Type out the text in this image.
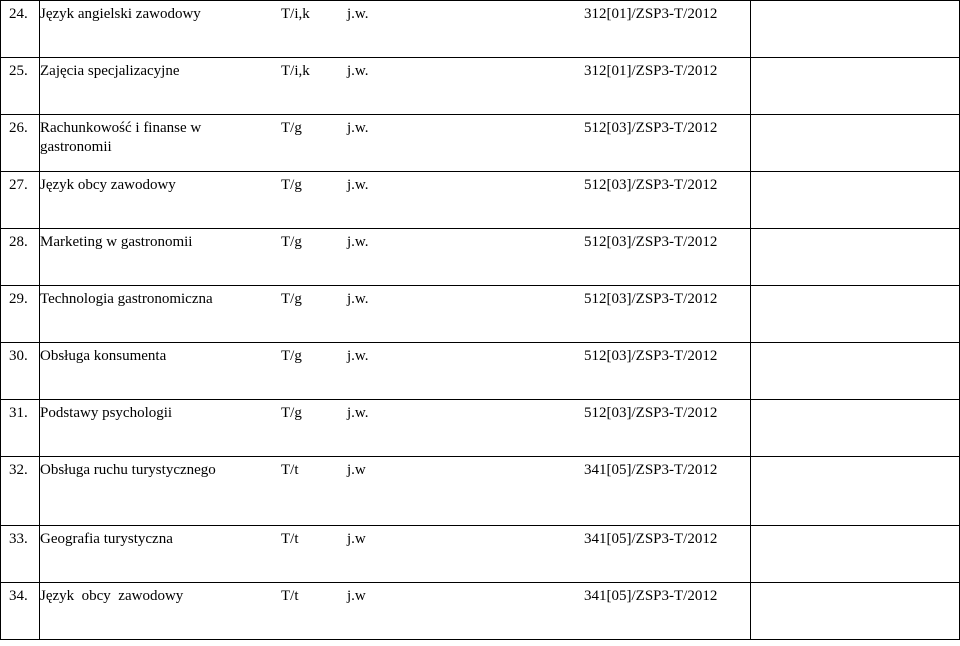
24.	Język angielski zawodowy T/i,k j.w. 312[01]/ZSP3-T/2012	

25.	Zajęcia specjalizacyjne T/i,k j.w. 312[01]/ZSP3-T/2012	

26.	Rachunkowość i finanse w gastronomii
T/g j.w. 512[03]/ZSP3-T/2012	

27.	Język obcy zawodowy T/g j.w. 512[03]/ZSP3-T/2012	

28.	Marketing w gastronomii T/g j.w. 512[03]/ZSP3-T/2012	

29.	Technologia gastronomiczna T/g j.w. 512[03]/ZSP3-T/2012	

30.	Obsługa konsumenta T/g j.w. 512[03]/ZSP3-T/2012	

31.	Podstawy psychologii T/g j.w. 512[03]/ZSP3-T/2012	

32.	Obsługa ruchu turystycznego T/t j.w 341[05]/ZSP3-T/2012	

33.	Geografia turystyczna T/t j.w 341[05]/ZSP3-T/2012	

34.	Język  obcy  zawodowy T/t j.w 341[05]/ZSP3-T/2012	
